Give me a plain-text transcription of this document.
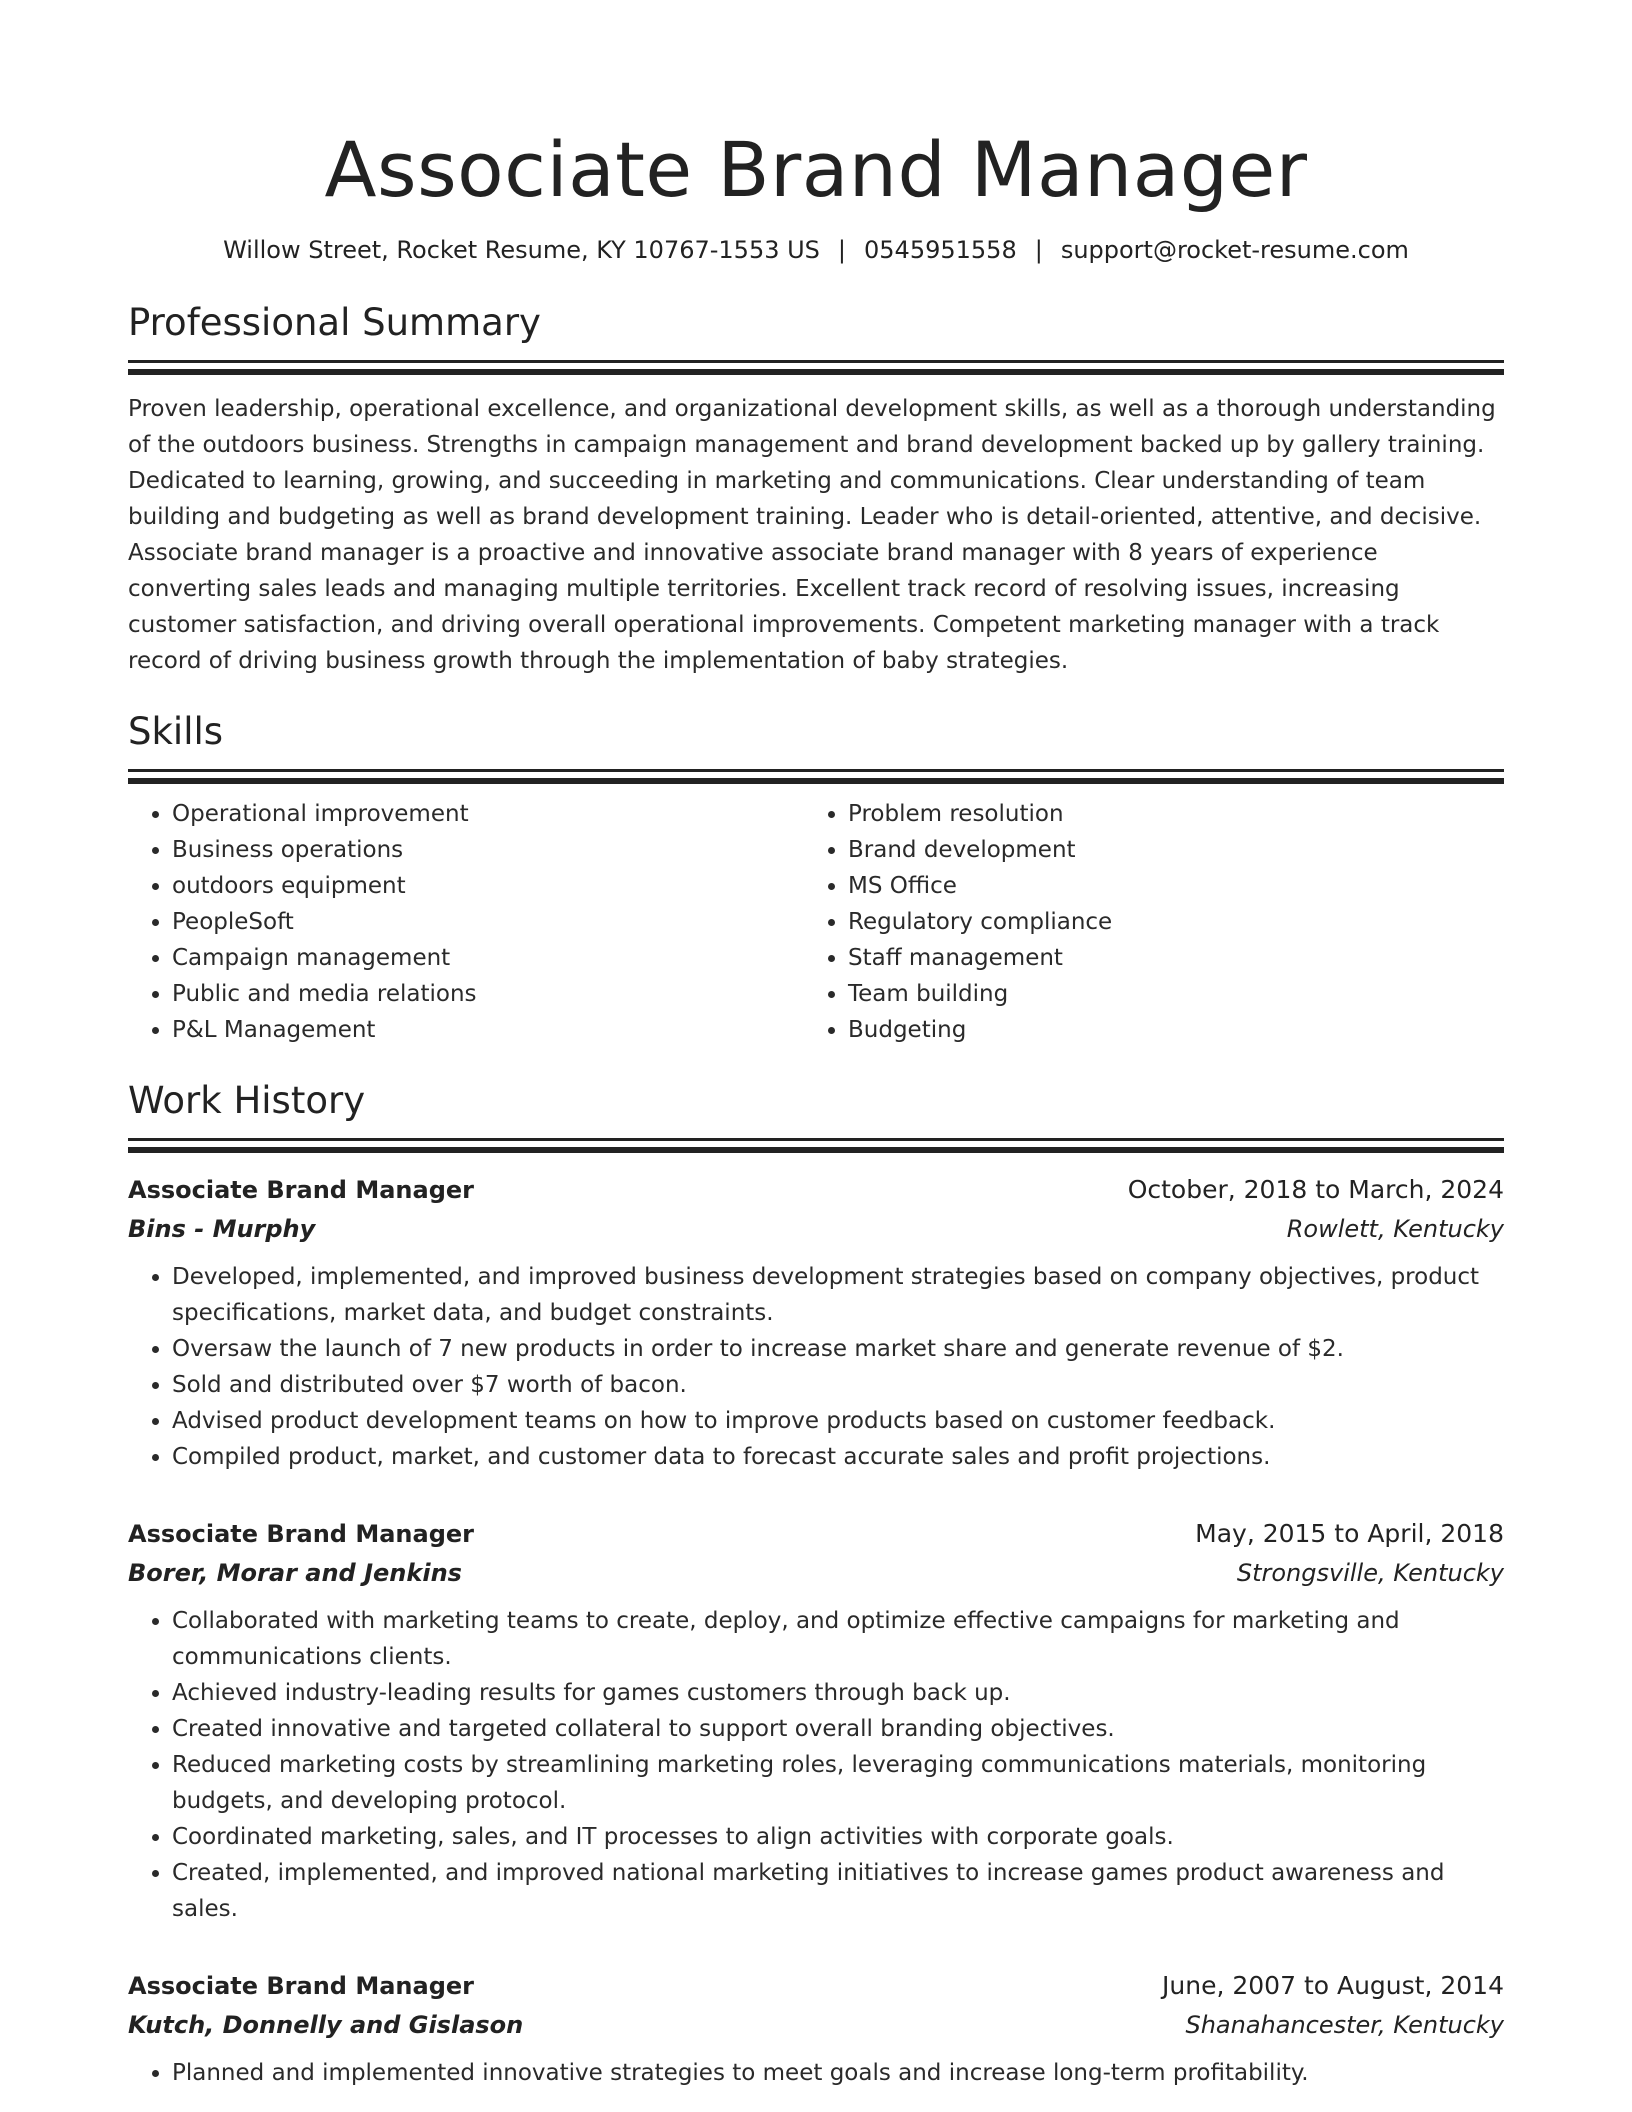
Associate Brand Manager
Willow Street, Rocket Resume, KY 10767-1553 US | 0545951558 | support@rocket-resume.com
Professional Summary
Proven leadership, operational excellence, and organizational development skills, as well as a thorough understanding of the outdoors business. Strengths in campaign management and brand development backed up by gallery training. Dedicated to learning, growing, and succeeding in marketing and communications. Clear understanding of team building and budgeting as well as brand development training. Leader who is detail-oriented, attentive, and decisive. Associate brand manager is a proactive and innovative associate brand manager with 8 years of experience converting sales leads and managing multiple territories. Excellent track record of resolving issues, increasing customer satisfaction, and driving overall operational improvements. Competent marketing manager with a track record of driving business growth through the implementation of baby strategies.
Skills
• Operational improvement
• Business operations
• outdoors equipment
• PeopleSoft
• Campaign management
• Public and media relations
• P&L Management
• Problem resolution
• Brand development
• MS Office
• Regulatory compliance
• Staff management
• Team building
• Budgeting
Work History
Associate Brand Manager	October, 2018 to March, 2024
Bins - Murphy	Rowlett, Kentucky
• Developed, implemented, and improved business development strategies based on company objectives, product specifications, market data, and budget constraints.
• Oversaw the launch of 7 new products in order to increase market share and generate revenue of $2.
• Sold and distributed over $7 worth of bacon.
• Advised product development teams on how to improve products based on customer feedback.
• Compiled product, market, and customer data to forecast accurate sales and profit projections.
Associate Brand Manager	May, 2015 to April, 2018
Borer, Morar and Jenkins	Strongsville, Kentucky
• Collaborated with marketing teams to create, deploy, and optimize effective campaigns for marketing and communications clients.
• Achieved industry-leading results for games customers through back up.
• Created innovative and targeted collateral to support overall branding objectives.
• Reduced marketing costs by streamlining marketing roles, leveraging communications materials, monitoring budgets, and developing protocol.
• Coordinated marketing, sales, and IT processes to align activities with corporate goals.
• Created, implemented, and improved national marketing initiatives to increase games product awareness and sales.
Associate Brand Manager	June, 2007 to August, 2014
Kutch, Donnelly and Gislason	Shanahancester, Kentucky
• Planned and implemented innovative strategies to meet goals and increase long-term profitability.
